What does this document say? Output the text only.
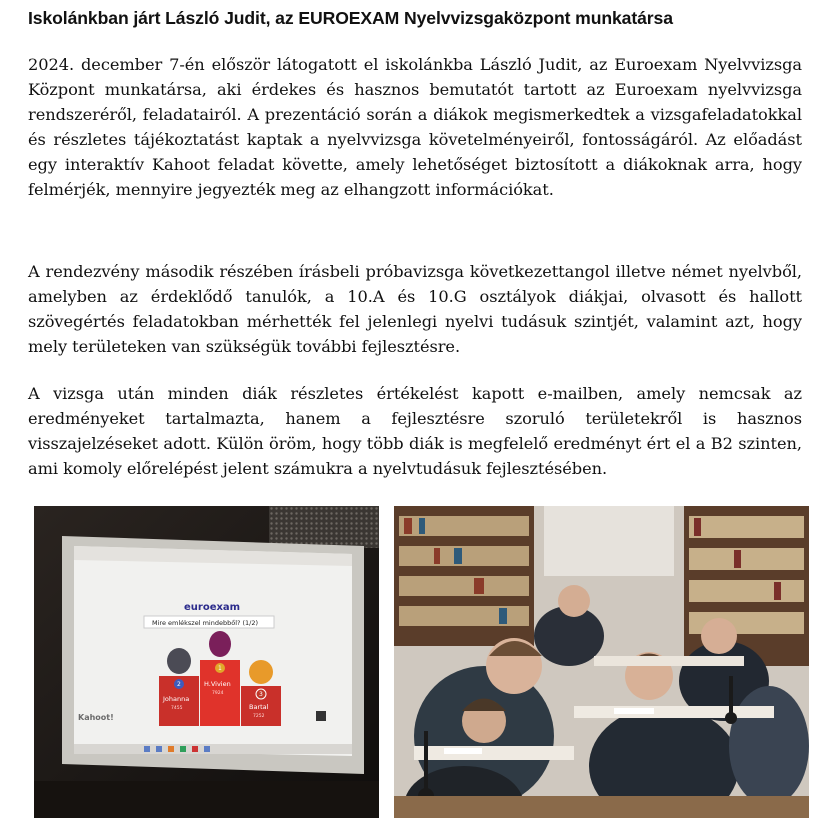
Iskolánkban járt László Judit, az EUROEXAM Nyelvvizsgaközpont munkatársa

2024. december 7-én először látogatott el iskolánkba László Judit, az Euroexam Nyelvvizsga Központ munkatársa, aki érdekes és hasznos bemutatót tartott az Euroexam nyelvvizsga rendszeréről, feladatairól. A prezentáció során a diákok megismerkedtek a vizsgafeladatokkal és részletes tájékoztatást kaptak a nyelvvizsga követelményeiről, fontosságáról. Az előadást egy interaktív Kahoot feladat követte, amely lehetőséget biztosított a diákoknak arra, hogy felmérjék, mennyire jegyezték meg az elhangzott információkat.

A rendezvény második részében írásbeli próbavizsga következettangol illetve német nyelvből, amelyben az érdeklődő tanulók, a 10.A és 10.G osztályok diákjai, olvasott és hallott szövegértés feladatokban mérhették fel jelenlegi nyelvi tudásuk szintjét, valamint azt, hogy mely területeken van szükségük további fejlesztésre.

A vizsga után minden diák részletes értékelést kapott e-mailben, amely nemcsak az eredményeket tartalmazta, hanem a fejlesztésre szoruló területekről is hasznos visszajelzéseket adott. Külön öröm, hogy több diák is megfelelő eredményt ért el a B2 szinten, ami komoly előrelépést jelent számukra a nyelvtudásuk fejlesztésében.

euroexam
Mire emlékszel mindebből? (1/2)
2
1
3
Johanna
H.Vivien
Bartal
7455
7924
7252
Kahoot!
